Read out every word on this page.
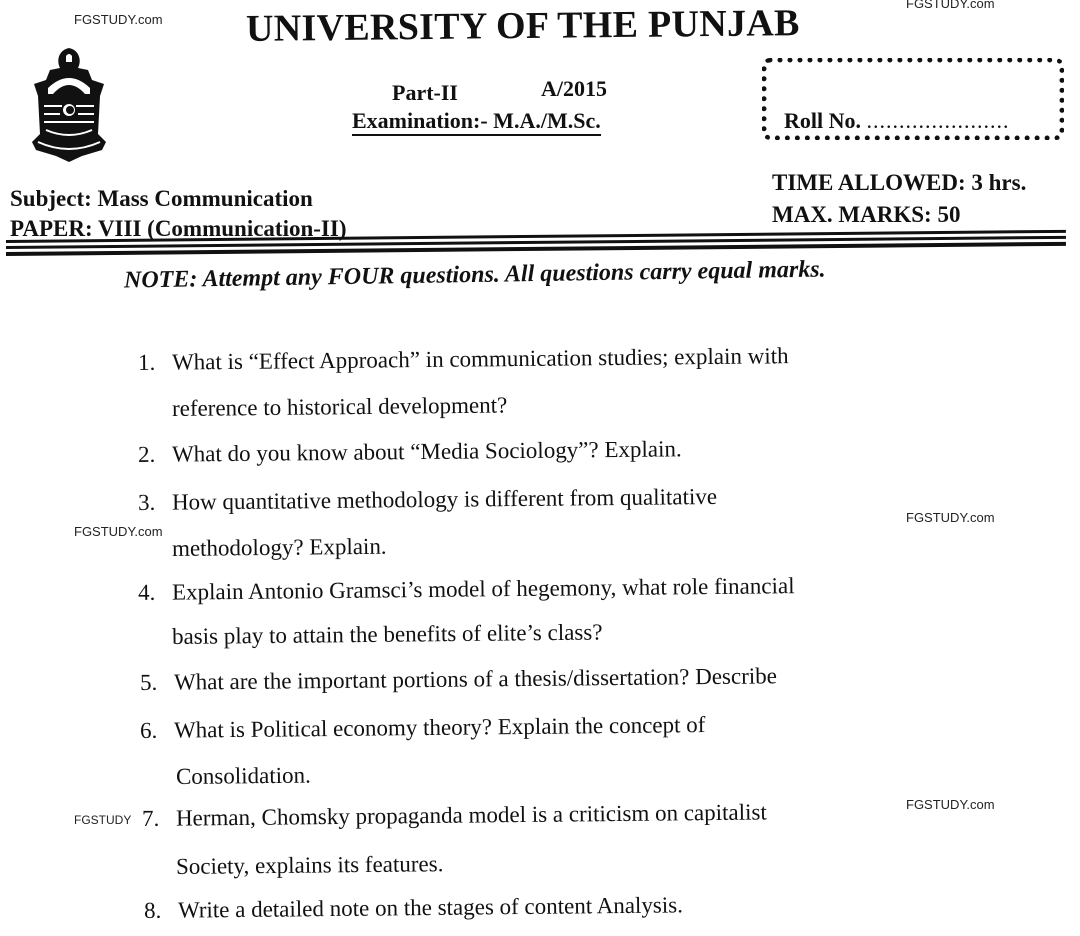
FGSTUDY.com
FGSTUDY.com
FGSTUDY.com
FGSTUDY.com
FGSTUDY.com
FGSTUDY
UNIVERSITY OF THE PUNJAB
Part-II	A/2015
Examination:- M.A./M.Sc.	Roll No. ......................
Subject: Mass Communication
PAPER: VIII (Communication-II)
TIME ALLOWED: 3 hrs.
MAX. MARKS: 50
NOTE: Attempt any FOUR questions. All questions carry equal marks.
1. What is “Effect Approach” in communication studies; explain with
reference to historical development?
2. What do you know about “Media Sociology”? Explain.
3. How quantitative methodology is different from qualitative
methodology? Explain.
4. Explain Antonio Gramsci’s model of hegemony, what role financial
basis play to attain the benefits of elite’s class?
5. What are the important portions of a thesis/dissertation? Describe
6. What is Political economy theory? Explain the concept of
Consolidation.
7. Herman, Chomsky propaganda model is a criticism on capitalist
Society, explains its features.
8. Write a detailed note on the stages of content Analysis.
